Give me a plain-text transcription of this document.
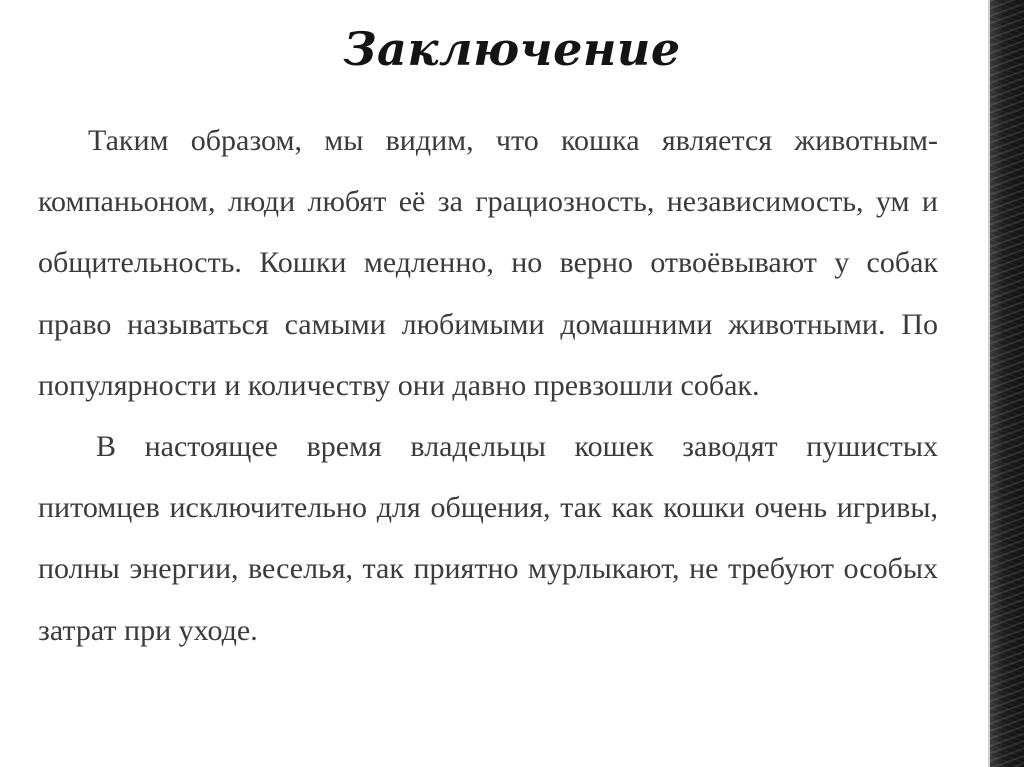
Заключение

Таким образом, мы видим, что кошка является животным-компаньоном, люди любят её за грациозность, независимость, ум и общительность. Кошки медленно, но верно отвоёвывают у собак право называться самыми любимыми домашними животными. По популярности и количеству они давно превзошли собак.

В настоящее время владельцы кошек заводят пушистых питомцев исключительно для общения, так как кошки очень игривы, полны энергии, веселья, так приятно мурлыкают, не требуют особых затрат при уходе.
